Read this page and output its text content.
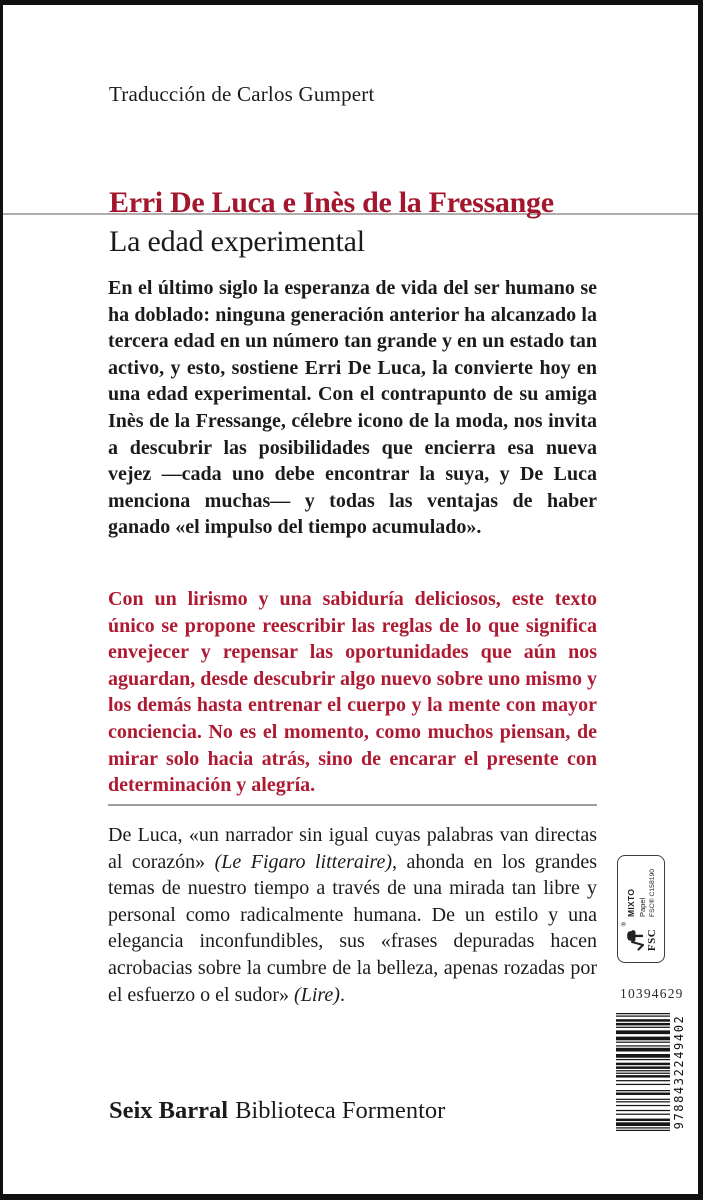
Traducción de Carlos Gumpert
Erri De Luca e Inès de la Fressange
La edad experimental
En el último siglo la esperanza de vida del ser humano se ha doblado: ninguna generación anterior ha alcanzado la tercera edad en un número tan grande y en un estado tan activo, y esto, sostiene Erri De Luca, la convierte hoy en una edad experimental. Con el contrapunto de su amiga Inès de la Fressange, célebre icono de la moda, nos invita a descubrir las posibilidades que encierra esa nueva vejez —cada uno debe encontrar la suya, y De Luca menciona muchas— y todas las ventajas de haber ganado «el impulso del tiempo acumulado».
Con un lirismo y una sabiduría deliciosos, este texto único se propone reescribir las reglas de lo que significa envejecer y repensar las oportunidades que aún nos aguardan, desde descubrir algo nuevo sobre uno mismo y los demás hasta entrenar el cuerpo y la mente con mayor conciencia. No es el momento, como muchos piensan, de mirar solo hacia atrás, sino de encarar el presente con determinación y alegría.
De Luca, «un narrador sin igual cuyas palabras van directas al corazón» (Le Figaro litteraire), ahonda en los grandes temas de nuestro tiempo a través de una mirada tan libre y personal como radicalmente humana. De un estilo y una elegancia inconfundibles, sus «frases depuradas hacen acrobacias sobre la cumbre de la belleza, apenas rozadas por el esfuerzo o el sudor» (Lire).
®
FSC
MIXTO Papel FSC® C158190
10394629
9788432249402
Seix Barral Biblioteca Formentor
